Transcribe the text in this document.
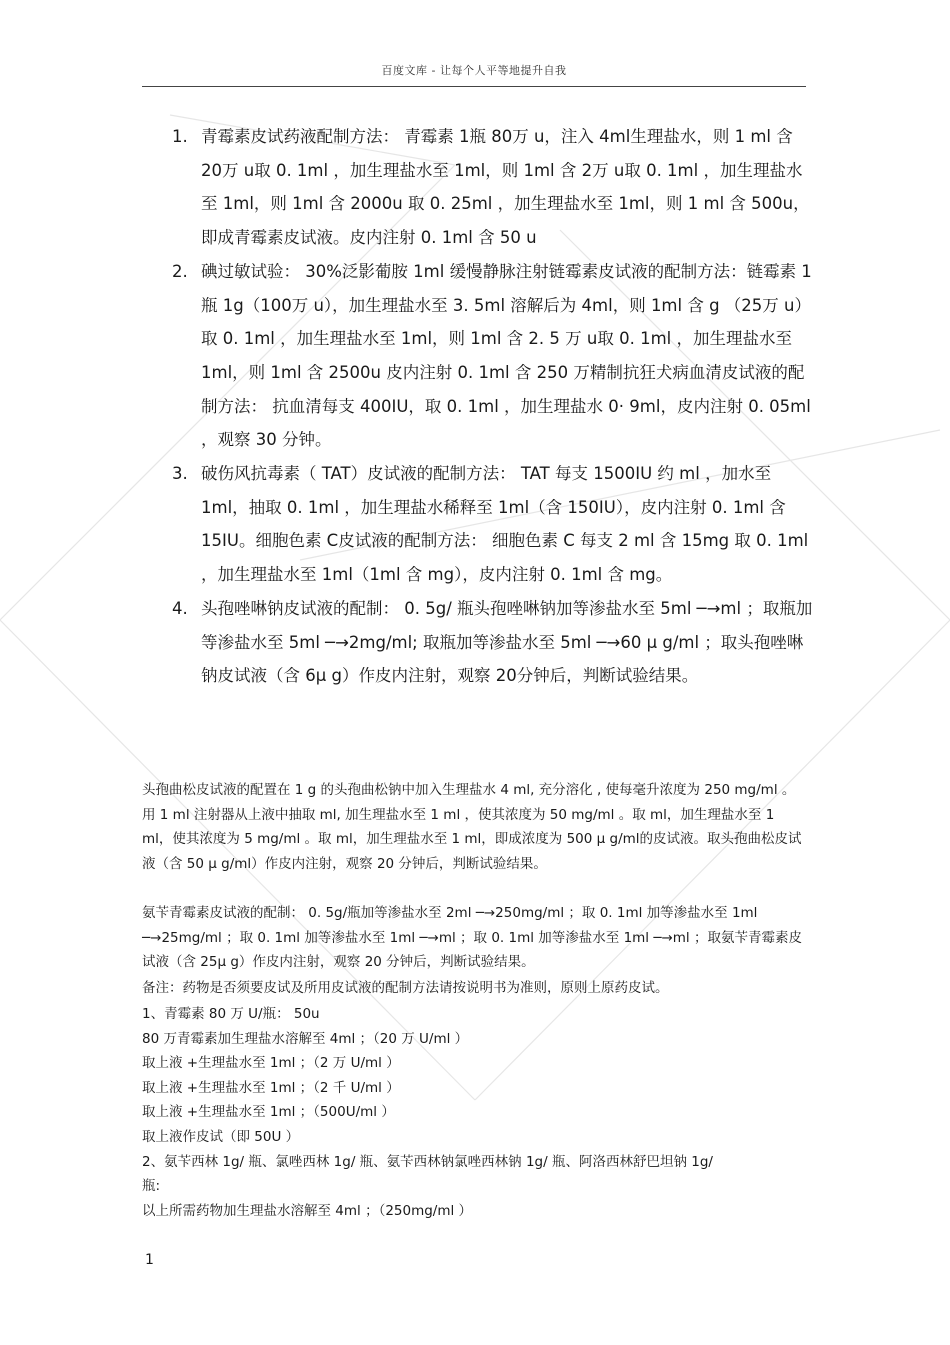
百度文库 - 让每个人平等地提升自我
1. 青霉素皮试药液配制方法： 青霉素 1瓶 80万 u，注入 4ml生理盐水，则 1 ml 含 20万 u取 0. 1ml ，加生理盐水至 1ml，则 1ml 含 2万 u取 0. 1ml ，加生理盐水至 1ml，则 1ml 含 2000u 取 0. 25ml ，加生理盐水至 1ml，则 1 ml 含 500u，即成青霉素皮试液。皮内注射 0. 1ml 含 50 u
2. 碘过敏试验： 30%泛影葡胺 1ml 缓慢静脉注射链霉素皮试液的配制方法：链霉素 1 瓶 1g（100万 u），加生理盐水至 3. 5ml 溶解后为 4ml，则 1ml 含 g （25万 u）取 0. 1ml ，加生理盐水至 1ml，则 1ml 含 2. 5 万 u取 0. 1ml ，加生理盐水至 1ml，则 1ml 含 2500u 皮内注射 0. 1ml 含 250 万精制抗狂犬病血清皮试液的配制方法： 抗血清每支 400IU，取 0. 1ml ，加生理盐水 0· 9ml，皮内注射 0. 05ml ，观察 30 分钟。
3. 破伤风抗毒素（ TAT）皮试液的配制方法： TAT 每支 1500IU 约 ml ，加水至 1ml，抽取 0. 1ml ，加生理盐水稀释至 1ml（含 150IU），皮内注射 0. 1ml 含 15IU。细胞色素 C皮试液的配制方法： 细胞色素 C 每支 2 ml 含 15mg 取 0. 1ml ，加生理盐水至 1ml（1ml 含 mg），皮内注射 0. 1ml 含 mg。
4. 头孢唑啉钠皮试液的配制： 0. 5g/ 瓶头孢唑啉钠加等渗盐水至 5ml ─→ml ；取瓶加等渗盐水至 5ml ─→2mg/ml; 取瓶加等渗盐水至 5ml ─→60 μ g/ml ；取头孢唑啉钠皮试液（含 6μ g）作皮内注射，观察 20分钟后，判断试验结果。
头孢曲松皮试液的配置在 1 g 的头孢曲松钠中加入生理盐水 4 ml, 充分溶化 , 使每毫升浓度为 250 mg/ml 。用 1 ml 注射器从上液中抽取 ml, 加生理盐水至 1 ml ，使其浓度为 50 mg/ml 。取 ml，加生理盐水至 1 ml，使其浓度为 5 mg/ml 。取 ml，加生理盐水至 1 ml，即成浓度为 500 μ g/ml的皮试液。取头孢曲松皮试液（含 50 μ g/ml）作皮内注射，观察 20 分钟后，判断试验结果。
氨苄青霉素皮试液的配制： 0. 5g/瓶加等渗盐水至 2ml ─→250mg/ml ；取 0. 1ml 加等渗盐水至 1ml ─→25mg/ml ；取 0. 1ml 加等渗盐水至 1ml ─→ml ；取 0. 1ml 加等渗盐水至 1ml ─→ml ；取氨苄青霉素皮试液（含 25μ g）作皮内注射，观察 20 分钟后，判断试验结果。
备注：药物是否须要皮试及所用皮试液的配制方法请按说明书为准则，原则上原药皮试。
1、青霉素 80 万 U/瓶： 50u
80 万青霉素加生理盐水溶解至 4ml ；（20 万 U/ml ）
取上液 +生理盐水至 1ml ；（2 万 U/ml ）
取上液 +生理盐水至 1ml ；（2 千 U/ml ）
取上液 +生理盐水至 1ml ；（500U/ml ）
取上液作皮试（即 50U ）
2、氨苄西林 1g/ 瓶、氯唑西林 1g/ 瓶、氨苄西林钠氯唑西林钠 1g/ 瓶、阿洛西林舒巴坦钠 1g/
瓶:
以上所需药物加生理盐水溶解至 4ml ；（250mg/ml ）
1
